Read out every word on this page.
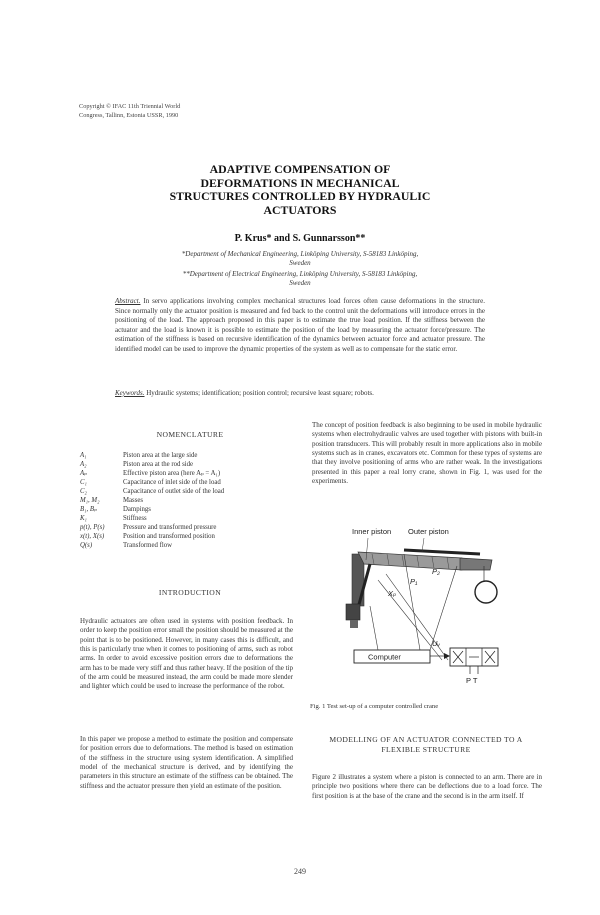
Copyright © IFAC 11th Triennial World
Congress, Tallinn, Estonia USSR, 1990
ADAPTIVE COMPENSATION OF
DEFORMATIONS IN MECHANICAL
STRUCTURES CONTROLLED BY HYDRAULIC
ACTUATORS
P. Krus* and S. Gunnarsson**
*Department of Mechanical Engineering, Linköping University, S-58183 Linköping,
Sweden
**Department of Electrical Engineering, Linköping University, S-58183 Linköping,
Sweden
Abstract. In servo applications involving complex mechanical structures load forces often cause deformations in the structure. Since normally only the actuator position is measured and fed back to the control unit the deformations will introduce errors in the positioning of the load. The approach proposed in this paper is to estimate the true load position. If the stiffness between the actuator and the load is known it is possible to estimate the position of the load by measuring the actuator force/pressure. The estimation of the stiffness is based on recursive identification of the dynamics between actuator force and actuator pressure. The identified model can be used to improve the dynamic properties of the system as well as to compensate for the static error.
Keywords. Hydraulic systems; identification; position control; recursive least square; robots.
NOMENCLATURE
A₁	Piston area at the large side
A₂	Piston area at the rod side
Aₚ	Effective piston area (here Aₚ = A₁)
C₁	Capacitance of inlet side of the load
C₂	Capacitance of outlet side of the load
M₁, M₂	Masses
B₁, Bₚ	Dampings
K₁	Stiffness
p(t), P(s)	Pressure and transformed pressure
x(t), X(s)	Position and transformed position
Q(s)	Transformed flow
INTRODUCTION
Hydraulic actuators are often used in systems with position feedback. In order to keep the position error small the position should be measured at the point that is to be positioned. However, in many cases this is difficult, and this is particularly true when it comes to positioning of arms, such as robot arms. In order to avoid excessive position errors due to deformations the arm has to be made very stiff and thus rather heavy. If the position of the tip of the arm could be measured instead, the arm could be made more slender and lighter which could be used to increase the performance of the robot.
In this paper we propose a method to estimate the position and compensate for position errors due to deformations. The method is based on estimation of the stiffness in the structure using system identification. A simplified model of the mechanical structure is derived, and by identifying the parameters in this structure an estimate of the stiffness can be obtained. The stiffness and the actuator pressure then yield an estimate of the position.
The concept of position feedback is also beginning to be used in mobile hydraulic systems when electrohydraulic valves are used together with pistons with built-in position transducers. This will probably result in more applications also in mobile systems such as in cranes, excavators etc. Common for these types of systems are that they involve positioning of arms who are rather weak. In the investigations presented in this paper a real lorry crane, shown in Fig. 1, was used for the experiments.
Inner piston Outer piston
P₁
P₂
Xₚ
Uᵥ
Computer
P T
Fig. 1 Test set-up of a computer controlled crane
MODELLING OF AN ACTUATOR CONNECTED TO A
FLEXIBLE STRUCTURE
Figure 2 illustrates a system where a piston is connected to an arm. There are in principle two positions where there can be deflections due to a load force. The first position is at the base of the crane and the second is in the arm itself. If
249
